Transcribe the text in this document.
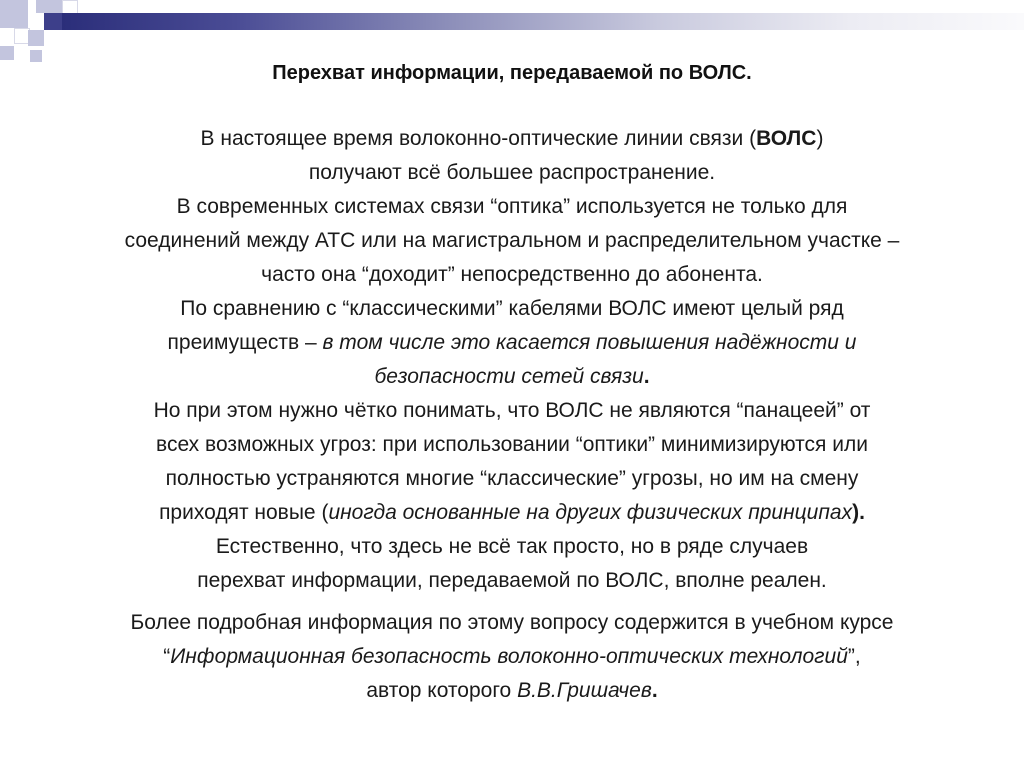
Перехват информации, передаваемой по ВОЛС.
В настоящее время волоконно-оптические линии связи (ВОЛС)
получают всё большее распространение.
В современных системах связи “оптика” используется не только для
соединений между АТС или на магистральном и распределительном участке –
часто она “доходит” непосредственно до абонента.
По сравнению с “классическими” кабелями ВОЛС имеют целый ряд
преимуществ – в том числе это касается повышения надёжности и
безопасности сетей связи.
Но при этом нужно чётко понимать, что ВОЛС не являются “панацеей” от
всех возможных угроз: при использовании “оптики” минимизируются или
полностью устраняются многие “классические” угрозы, но им на смену
приходят новые (иногда основанные на других физических принципах).
Естественно, что здесь не всё так просто, но в ряде случаев
перехват информации, передаваемой по ВОЛС, вполне реален.
Более подробная информация по этому вопросу содержится в учебном курсе
“Информационная безопасность волоконно-оптических технологий”,
автор которого В.В.Гришачев.
